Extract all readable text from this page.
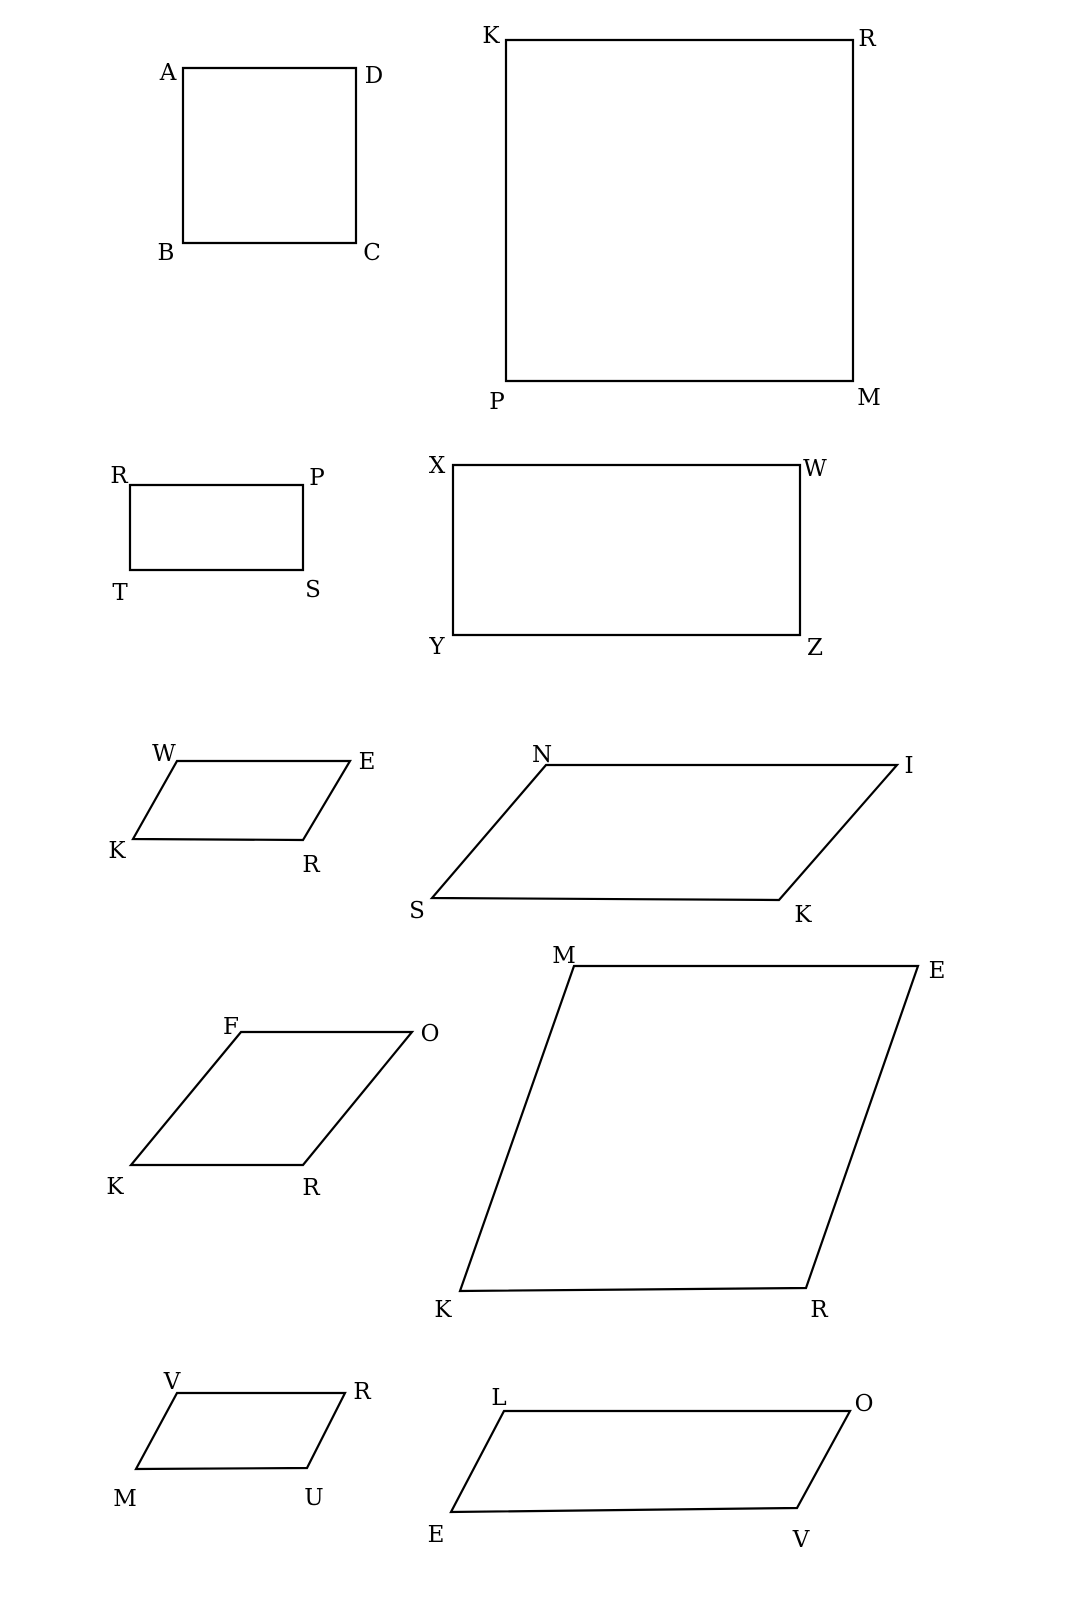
A	D
C
B
K	R
M
P
R	P
S
T
X	W
Z
Y
W	E
R
K
N	I
K
S
F	O
R
K
M
E
R
K
V	R
U
M
L	O
V
E
